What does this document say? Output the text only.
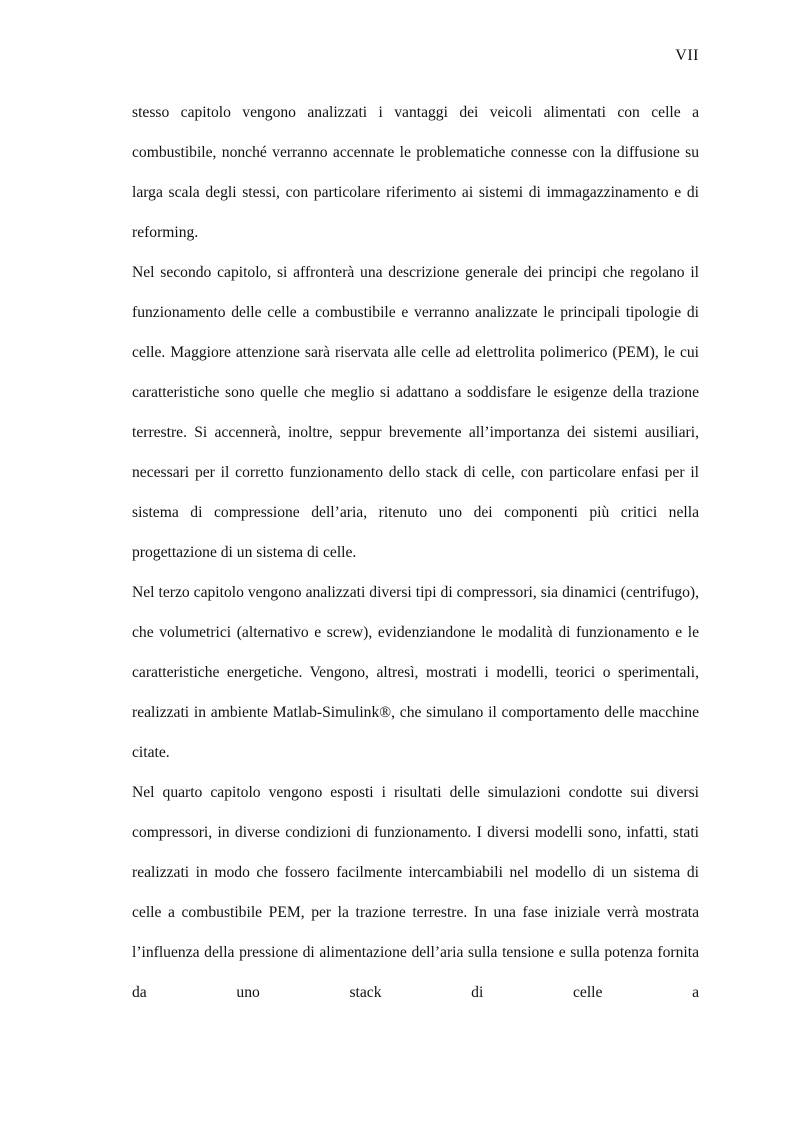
VII

stesso capitolo vengono analizzati i vantaggi dei veicoli alimentati con celle a combustibile, nonché verranno accennate le problematiche connesse con la diffusione su larga scala degli stessi, con particolare riferimento ai sistemi di immagazzinamento e di reforming.

Nel secondo capitolo, si affronterà una descrizione generale dei principi che regolano il funzionamento delle celle a combustibile e verranno analizzate le principali tipologie di celle. Maggiore attenzione sarà riservata alle celle ad elettrolita polimerico (PEM), le cui caratteristiche sono quelle che meglio si adattano a soddisfare le esigenze della trazione terrestre. Si accennerà, inoltre, seppur brevemente all’importanza dei sistemi ausiliari, necessari per il corretto funzionamento dello stack di celle, con particolare enfasi per il sistema di compressione dell’aria, ritenuto uno dei componenti più critici nella progettazione di un sistema di celle.

Nel terzo capitolo vengono analizzati diversi tipi di compressori, sia dinamici (centrifugo), che volumetrici (alternativo e screw), evidenziandone le modalità di funzionamento e le caratteristiche energetiche. Vengono, altresì, mostrati i modelli, teorici o sperimentali, realizzati in ambiente Matlab-Simulink®, che simulano il comportamento delle macchine citate.

Nel quarto capitolo vengono esposti i risultati delle simulazioni condotte sui diversi compressori, in diverse condizioni di funzionamento. I diversi modelli sono, infatti, stati realizzati in modo che fossero facilmente intercambiabili nel modello di un sistema di celle a combustibile PEM, per la trazione terrestre. In una fase iniziale verrà mostrata l’influenza della pressione di alimentazione dell’aria sulla tensione e sulla potenza fornita da uno stack di celle a
